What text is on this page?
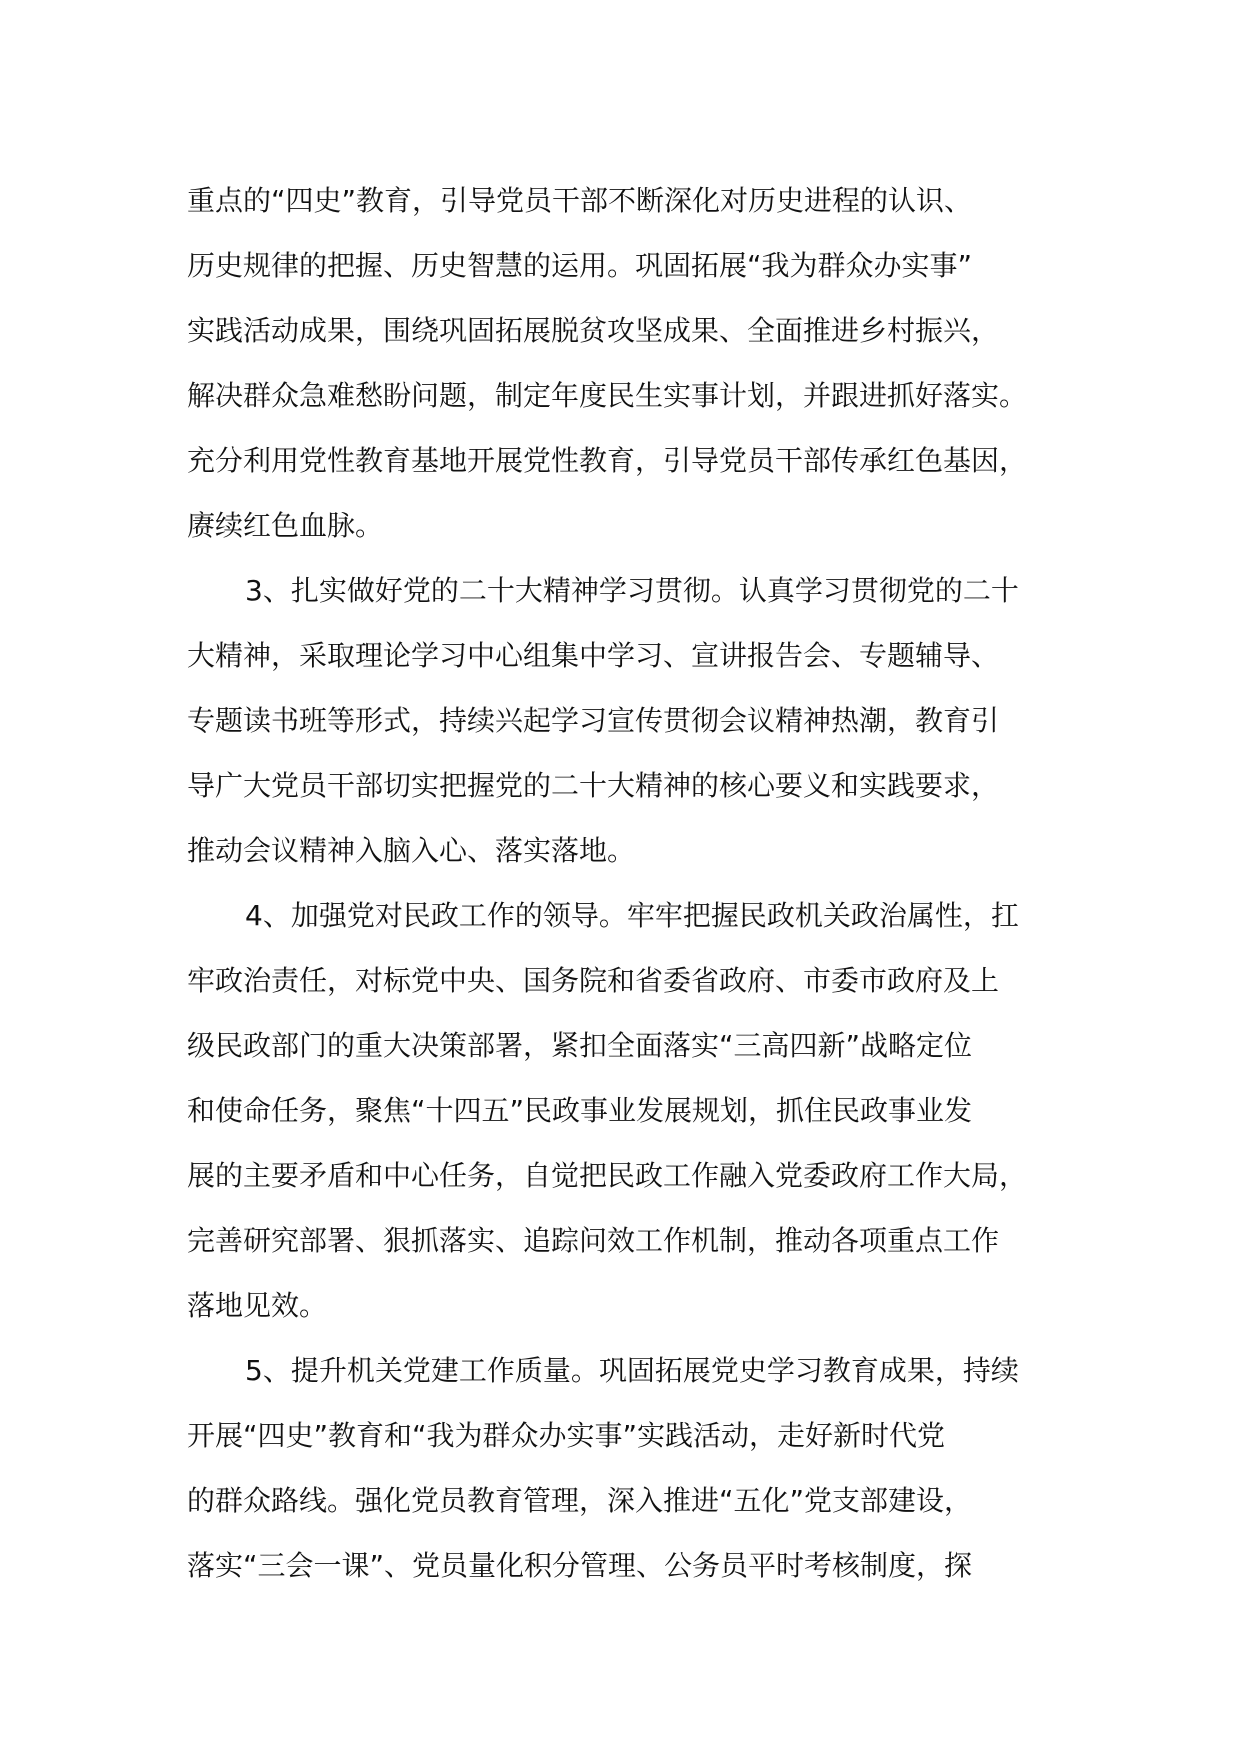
重点的“四史”教育，引导党员干部不断深化对历史进程的认识、

历史规律的把握、历史智慧的运用。巩固拓展“我为群众办实事”

实践活动成果，围绕巩固拓展脱贫攻坚成果、全面推进乡村振兴，

解决群众急难愁盼问题，制定年度民生实事计划，并跟进抓好落实。

充分利用党性教育基地开展党性教育，引导党员干部传承红色基因，

赓续红色血脉。

3、扎实做好党的二十大精神学习贯彻。认真学习贯彻党的二十

大精神，采取理论学习中心组集中学习、宣讲报告会、专题辅导、

专题读书班等形式，持续兴起学习宣传贯彻会议精神热潮，教育引

导广大党员干部切实把握党的二十大精神的核心要义和实践要求，

推动会议精神入脑入心、落实落地。

4、加强党对民政工作的领导。牢牢把握民政机关政治属性，扛

牢政治责任，对标党中央、国务院和省委省政府、市委市政府及上

级民政部门的重大决策部署，紧扣全面落实“三高四新”战略定位

和使命任务，聚焦“十四五”民政事业发展规划，抓住民政事业发

展的主要矛盾和中心任务，自觉把民政工作融入党委政府工作大局，

完善研究部署、狠抓落实、追踪问效工作机制，推动各项重点工作

落地见效。

5、提升机关党建工作质量。巩固拓展党史学习教育成果，持续

开展“四史”教育和“我为群众办实事”实践活动，走好新时代党

的群众路线。强化党员教育管理，深入推进“五化”党支部建设，

落实“三会一课”、党员量化积分管理、公务员平时考核制度，探
